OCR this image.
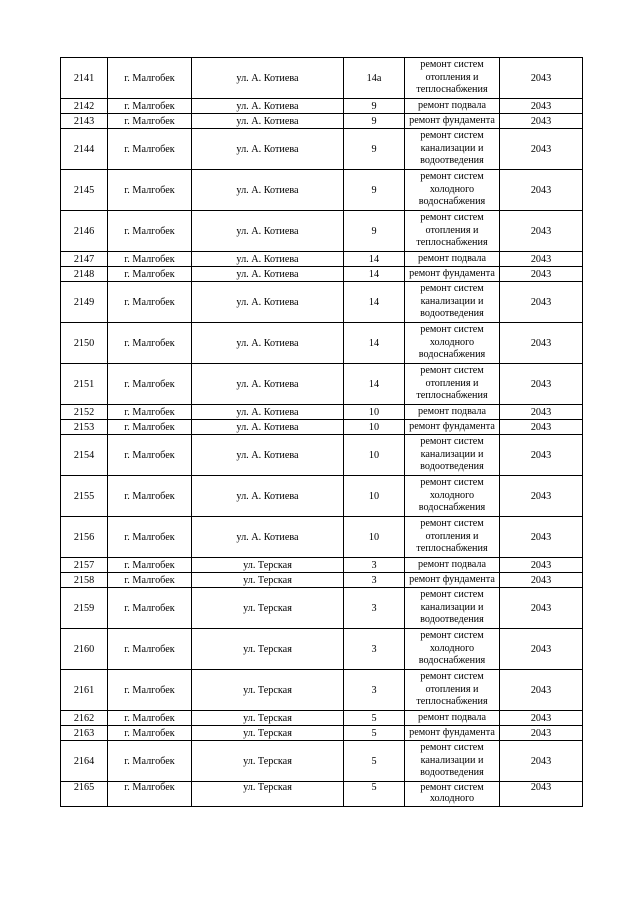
2141	г. Малгобек	ул. А. Котиева	14а	ремонт систем отопления и теплоснабжения	2043
2142	г. Малгобек	ул. А. Котиева	9	ремонт подвала	2043
2143	г. Малгобек	ул. А. Котиева	9	ремонт фундамента	2043
2144	г. Малгобек	ул. А. Котиева	9	ремонт систем канализации и водоотведения	2043
2145	г. Малгобек	ул. А. Котиева	9	ремонт систем холодного водоснабжения	2043
2146	г. Малгобек	ул. А. Котиева	9	ремонт систем отопления и теплоснабжения	2043
2147	г. Малгобек	ул. А. Котиева	14	ремонт подвала	2043
2148	г. Малгобек	ул. А. Котиева	14	ремонт фундамента	2043
2149	г. Малгобек	ул. А. Котиева	14	ремонт систем канализации и водоотведения	2043
2150	г. Малгобек	ул. А. Котиева	14	ремонт систем холодного водоснабжения	2043
2151	г. Малгобек	ул. А. Котиева	14	ремонт систем отопления и теплоснабжения	2043
2152	г. Малгобек	ул. А. Котиева	10	ремонт подвала	2043
2153	г. Малгобек	ул. А. Котиева	10	ремонт фундамента	2043
2154	г. Малгобек	ул. А. Котиева	10	ремонт систем канализации и водоотведения	2043
2155	г. Малгобек	ул. А. Котиева	10	ремонт систем холодного водоснабжения	2043
2156	г. Малгобек	ул. А. Котиева	10	ремонт систем отопления и теплоснабжения	2043
2157	г. Малгобек	ул. Терская	3	ремонт подвала	2043
2158	г. Малгобек	ул. Терская	3	ремонт фундамента	2043
2159	г. Малгобек	ул. Терская	3	ремонт систем канализации и водоотведения	2043
2160	г. Малгобек	ул. Терская	3	ремонт систем холодного водоснабжения	2043
2161	г. Малгобек	ул. Терская	3	ремонт систем отопления и теплоснабжения	2043
2162	г. Малгобек	ул. Терская	5	ремонт подвала	2043
2163	г. Малгобек	ул. Терская	5	ремонт фундамента	2043
2164	г. Малгобек	ул. Терская	5	ремонт систем канализации и водоотведения	2043
2165	г. Малгобек	ул. Терская	5	ремонт систем холодного	2043
